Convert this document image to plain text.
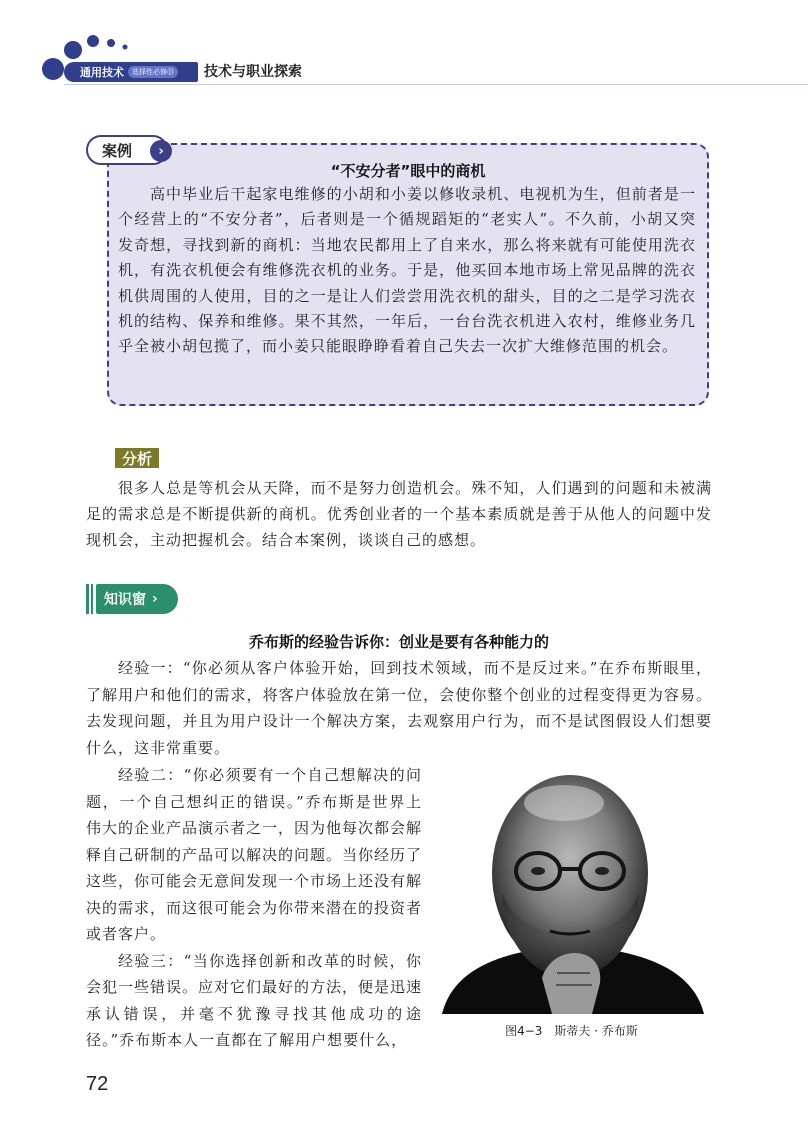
通用技术	选择性必修⑬ 技术与职业探索
案例	›
“不安分者”眼中的商机

高中毕业后干起家电维修的小胡和小姜以修收录机、电视机为生，但前者是一个经营上的“不安分者”，后者则是一个循规蹈矩的“老实人”。不久前，小胡又突发奇想，寻找到新的商机：当地农民都用上了自来水，那么将来就有可能使用洗衣机，有洗衣机便会有维修洗衣机的业务。于是，他买回本地市场上常见品牌的洗衣机供周围的人使用，目的之一是让人们尝尝用洗衣机的甜头，目的之二是学习洗衣机的结构、保养和维修。果不其然，一年后，一台台洗衣机进入农村，维修业务几乎全被小胡包揽了，而小姜只能眼睁睁看着自己失去一次扩大维修范围的机会。

分析

很多人总是等机会从天降，而不是努力创造机会。殊不知，人们遇到的问题和未被满足的需求总是不断提供新的商机。优秀创业者的一个基本素质就是善于从他人的问题中发现机会，主动把握机会。结合本案例，谈谈自己的感想。

知识窗 ›
乔布斯的经验告诉你：创业是要有各种能力的

经验一：“你必须从客户体验开始，回到技术领域，而不是反过来。”在乔布斯眼里，了解用户和他们的需求，将客户体验放在第一位，会使你整个创业的过程变得更为容易。去发现问题，并且为用户设计一个解决方案，去观察用户行为，而不是试图假设人们想要什么，这非常重要。

经验二：“你必须要有一个自己想解决的问题，一个自己想纠正的错误。”乔布斯是世界上伟大的企业产品演示者之一，因为他每次都会解释自己研制的产品可以解决的问题。当你经历了这些，你可能会无意间发现一个市场上还没有解决的需求，而这很可能会为你带来潜在的投资者或者客户。

经验三：“当你选择创新和改革的时候，你会犯一些错误。应对它们最好的方法，便是迅速承认错误，并毫不犹豫寻找其他成功的途径。”乔布斯本人一直都在了解用户想要什么，	图4−3　斯蒂夫 · 乔布斯
72
